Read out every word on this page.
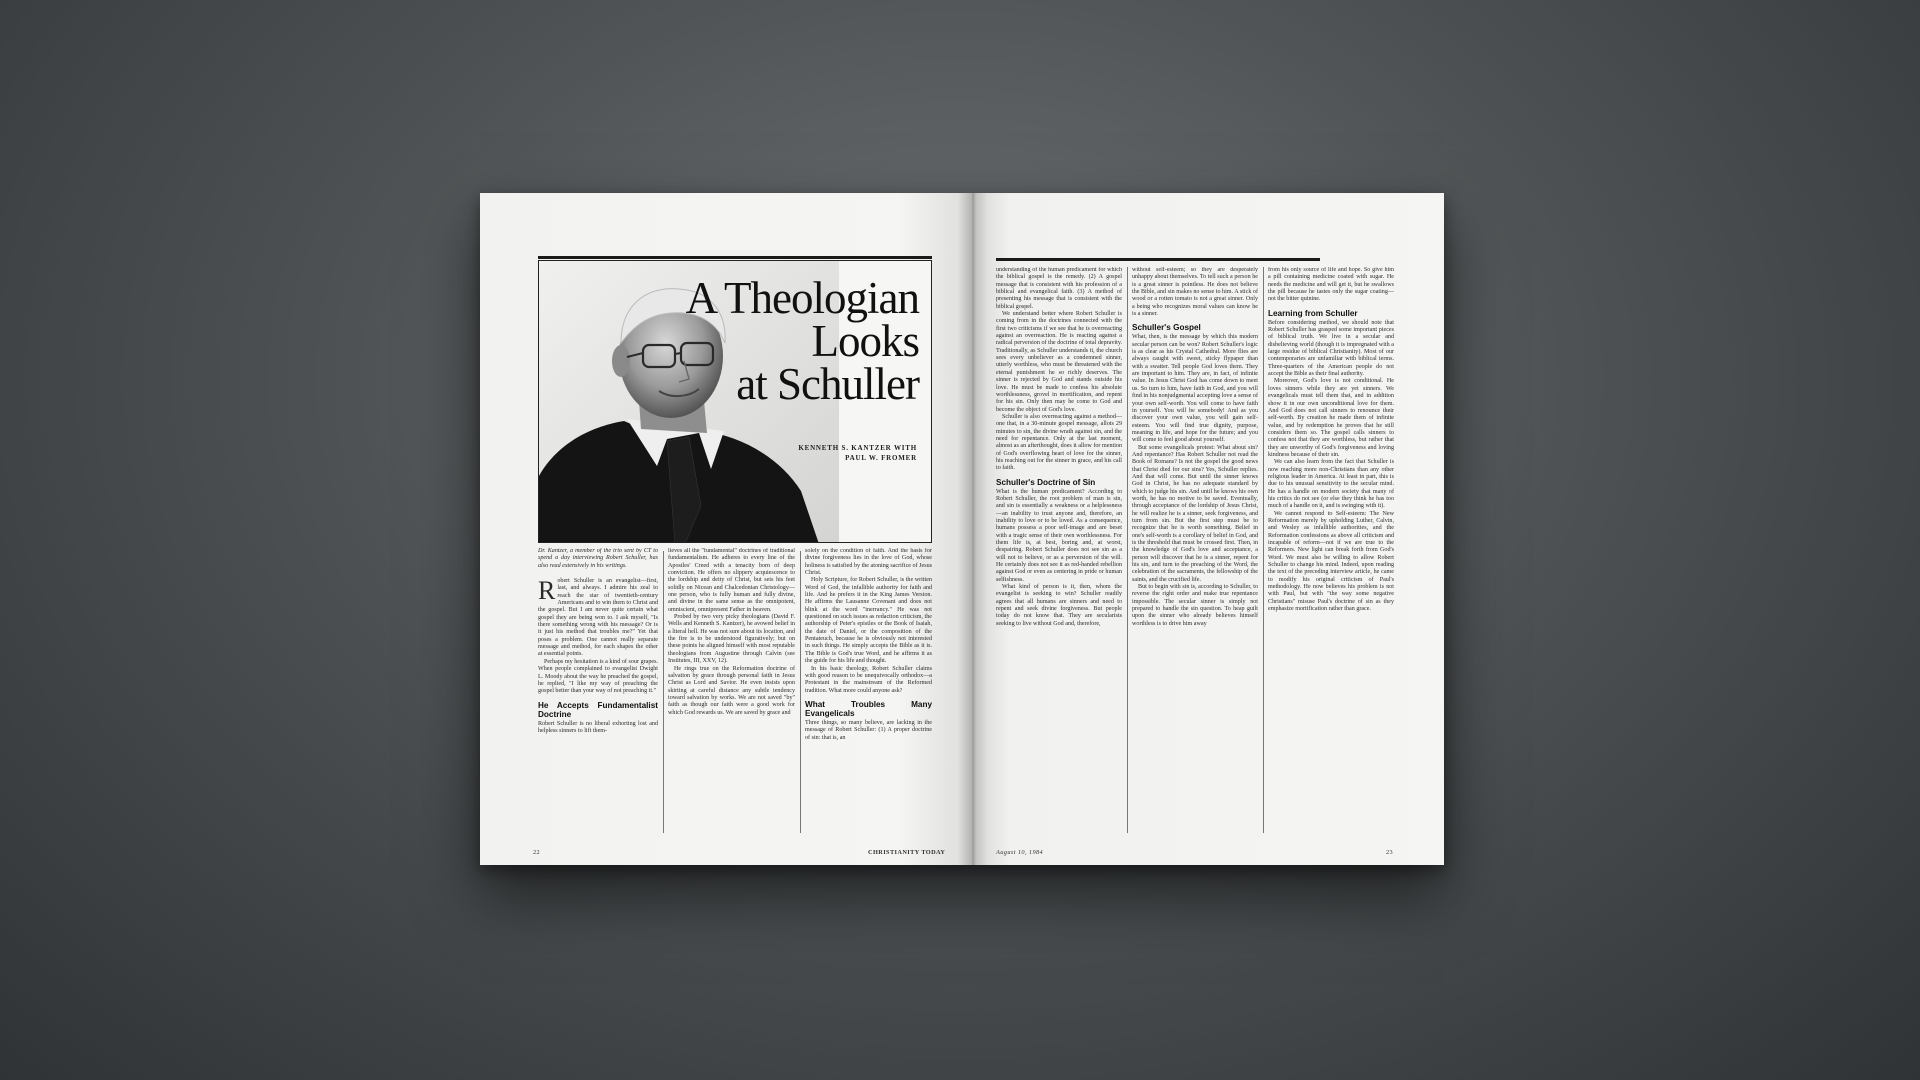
A Theologian
Looks
at Schuller
KENNETH S. KANTZER WITH
PAUL W. FROMER

Dr. Kantzer, a member of the trio sent by CT to spend a day interviewing Robert Schuller, has also read extensively in his writings.

Robert Schuller is an evangelist—first, last, and always. I admire his zeal to reach the star of twentieth-century Americans and to win them to Christ and the gospel. But I am never quite certain what gospel they are being won to. I ask myself, "Is there something wrong with his message? Or is it just his method that troubles me?" Yet that poses a problem. One cannot really separate message and method, for each shapes the other at essential points.

Perhaps my hesitation is a kind of sour grapes. When people complained to evangelist Dwight L. Moody about the way he preached the gospel, he replied, "I like my way of preaching the gospel better than your way of not preaching it."

He Accepts Fundamentalist Doctrine

Robert Schuller is no liberal exhorting lost and helpless sinners to lift them-

lieves all the "fundamental" doctrines of traditional fundamentalism. He adheres to every line of the Apostles' Creed with a tenacity born of deep conviction. He offers no slippery acquiescence to the lordship and deity of Christ, but sets his feet solidly on Nicean and Chalcedonian Christology—one person, who is fully human and fully divine, and divine in the same sense as the omnipotent, omniscient, omnipresent Father in heaven.

Probed by two very picky theologians (David F. Wells and Kenneth S. Kantzer), he avowed belief in a literal hell. He was not sure about its location, and the fire is to be understood figuratively; but on these points he aligned himself with most reputable theologians from Augustine through Calvin (see Institutes, III, XXV, 12).

He rings true on the Reformation doctrine of salvation by grace through personal faith in Jesus Christ as Lord and Savior. He even insists upon skirting at careful distance any subtle tendency toward salvation by works. We are not saved "by" faith as though our faith were a good work for which God rewards us. We are saved by grace and

solely on the condition of faith. And the basis for divine forgiveness lies in the love of God, whose holiness is satisfied by the atoning sacrifice of Jesus Christ.

Holy Scripture, for Robert Schuller, is the written Word of God, the infallible authority for faith and life. And he prefers it in the King James Version. He affirms the Lausanne Covenant and does not blink at the word "inerrancy." He was not questioned on such issues as redaction criticism, the authorship of Peter's epistles or the Book of Isaiah, the date of Daniel, or the composition of the Pentateuch, because he is obviously not interested in such things. He simply accepts the Bible as it is. The Bible is God's true Word, and he affirms it as the guide for his life and thought.

In his basic theology, Robert Schuller claims with good reason to be unequivocally orthodox—a Protestant in the mainstream of the Reformed tradition. What more could anyone ask?

What Troubles Many Evangelicals

Three things, so many believe, are lacking in the message of Robert Schuller: (1) A proper doctrine of sin: that is, an

22	CHRISTIANITY TODAY

understanding of the human predicament for which the biblical gospel is the remedy. (2) A gospel message that is consistent with his profession of a biblical and evangelical faith. (3) A method of presenting his message that is consistent with the biblical gospel.

We understand better where Robert Schuller is coming from in the doctrines connected with the first two criticisms if we see that he is overreacting against an overreaction. He is reacting against a radical perversion of the doctrine of total depravity. Traditionally, as Schuller understands it, the church sees every unbeliever as a condemned sinner, utterly worthless, who must be threatened with the eternal punishment he so richly deserves. The sinner is rejected by God and stands outside his love. He must be made to confess his absolute worthlessness, grovel in mortification, and repent for his sin. Only then may he come to God and become the object of God's love.

Schuller is also overreacting against a method—one that, in a 30-minute gospel message, allots 29 minutes to sin, the divine wrath against sin, and the need for repentance. Only at the last moment, almost as an afterthought, does it allow for mention of God's overflowing heart of love for the sinner, his reaching out for the sinner in grace, and his call to faith.

Schuller's Doctrine of Sin

What is the human predicament? According to Robert Schuller, the root problem of man is sin, and sin is essentially a weakness or a helplessness—an inability to trust anyone and, therefore, an inability to love or to be loved. As a consequence, humans possess a poor self-image and are beset with a tragic sense of their own worthlessness. For them life is, at best, boring and, at worst, despairing. Robert Schuller does not see sin as a will not to believe, or as a perversion of the will. He certainly does not see it as red-handed rebellion against God or even as centering in pride or human selfishness.

What kind of person is it, then, whom the evangelist is seeking to win? Schuller readily agrees that all humans are sinners and need to repent and seek divine forgiveness. But people today do not know that. They are secularists seeking to live without God and, therefore,

without self-esteem; so they are desperately unhappy about themselves. To tell such a person he is a great sinner is pointless. He does not believe the Bible, and sin makes no sense to him. A stick of wood or a rotten tomato is not a great sinner. Only a being who recognizes moral values can know he is a sinner.

Schuller's Gospel

What, then, is the message by which this modern secular person can be won? Robert Schuller's logic is as clear as his Crystal Cathedral. More flies are always caught with sweet, sticky flypaper than with a swatter. Tell people God loves them. They are important to him. They are, in fact, of infinite value. In Jesus Christ God has come down to meet us. So turn to him, have faith in God, and you will find in his nonjudgmental accepting love a sense of your own self-worth. You will come to have faith in yourself. You will be somebody! And as you discover your own value, you will gain self-esteem. You will find true dignity, purpose, meaning in life, and hope for the future; and you will come to feel good about yourself.

But some evangelicals protest: What about sin? And repentance? Has Robert Schuller not read the Book of Romans? Is not the gospel the good news that Christ died for our sins? Yes, Schuller replies. And that will come. But until the sinner knows God in Christ, he has no adequate standard by which to judge his sin. And until he knows his own worth, he has no motive to be saved. Eventually, through acceptance of the lordship of Jesus Christ, he will realize he is a sinner, seek forgiveness, and turn from sin. But the first step must be to recognize that he is worth something. Belief in one's self-worth is a corollary of belief in God, and is the threshold that must be crossed first. Then, in the knowledge of God's love and acceptance, a person will discover that he is a sinner, repent for his sin, and turn to the preaching of the Word, the celebration of the sacraments, the fellowship of the saints, and the crucified life.

But to begin with sin is, according to Schuller, to reverse the right order and make true repentance impossible. The secular sinner is simply not prepared to handle the sin question. To heap guilt upon the sinner who already believes himself worthless is to drive him away

from his only source of life and hope. So give him a pill containing medicine coated with sugar. He needs the medicine and will get it, but he swallows the pill because he tastes only the sugar coating—not the bitter quinine.

Learning from Schuller

Before considering method, we should note that Robert Schuller has grasped some important pieces of biblical truth. We live in a secular and disbelieving world (though it is impregnated with a large residue of biblical Christianity). Most of our contemporaries are unfamiliar with biblical terms. Three-quarters of the American people do not accept the Bible as their final authority.

Moreover, God's love is not conditional. He loves sinners while they are yet sinners. We evangelicals must tell them that, and in addition show it in our own unconditional love for them. And God does not call sinners to renounce their self-worth. By creation he made them of infinite value, and by redemption he proves that he still considers them so. The gospel calls sinners to confess not that they are worthless, but rather that they are unworthy of God's forgiveness and loving kindness because of their sin.

We can also learn from the fact that Schuller is now reaching more non-Christians than any other religious leader in America. At least in part, this is due to his unusual sensitivity to the secular mind. He has a handle on modern society that many of his critics do not see (or else they think he has too much of a handle on it, and is swinging with it).

We cannot respond to Self-esteem: The New Reformation merely by upholding Luther, Calvin, and Wesley as infallible authorities, and the Reformation confessions as above all criticism and incapable of reform—not if we are true to the Reformers. New light can break forth from God's Word. We must also be willing to allow Robert Schuller to change his mind. Indeed, upon reading the text of the preceding interview article, he came to modify his original criticism of Paul's methodology. He now believes his problem is not with Paul, but with "the way some negative Christians" misuse Paul's doctrine of sin as they emphasize mortification rather than grace.

August 10, 1984	23
